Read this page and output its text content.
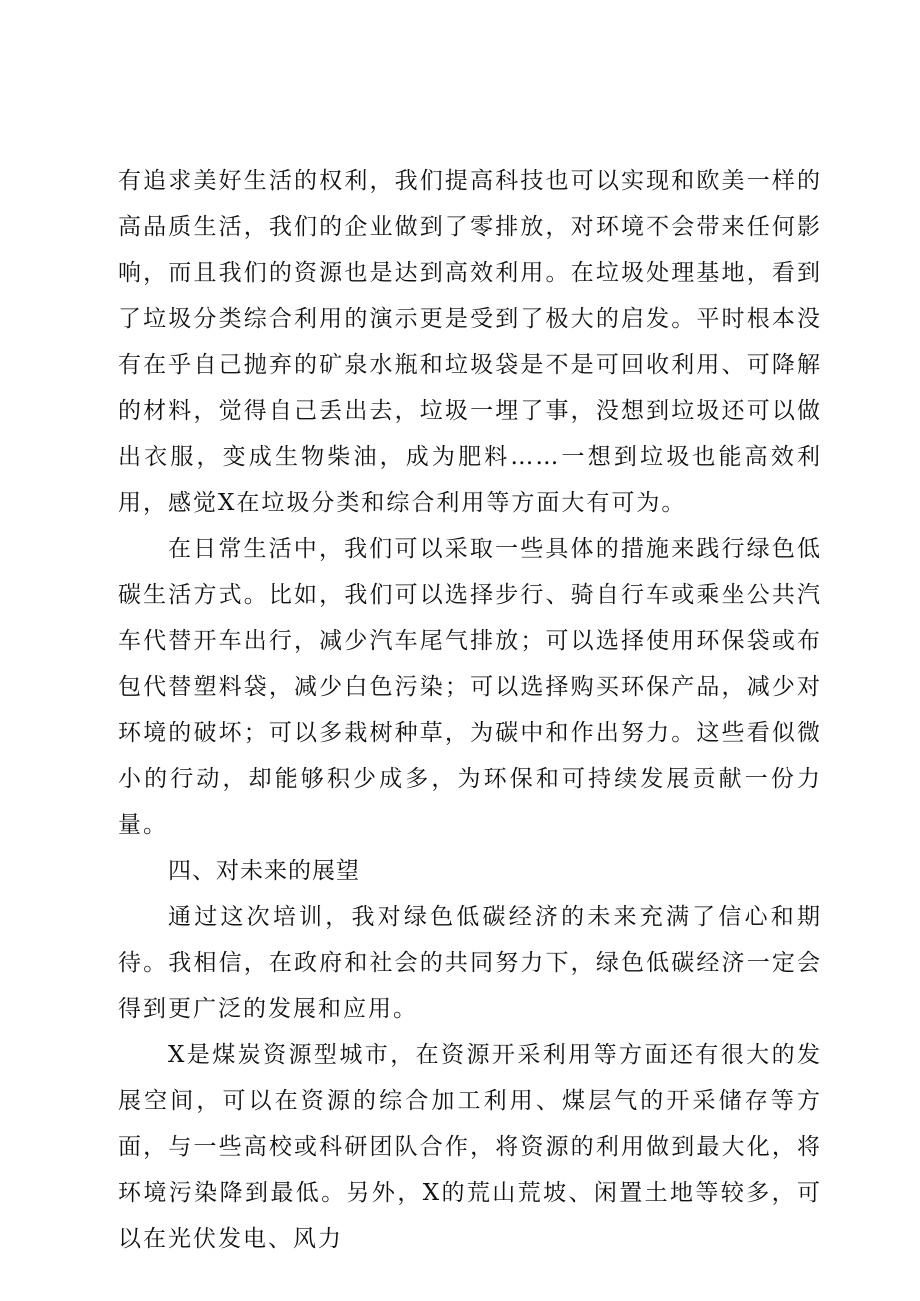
有追求美好生活的权利，我们提高科技也可以实现和欧美一样的高品质生活，我们的企业做到了零排放，对环境不会带来任何影响，而且我们的资源也是达到高效利用。在垃圾处理基地，看到了垃圾分类综合利用的演示更是受到了极大的启发。平时根本没有在乎自己抛弃的矿泉水瓶和垃圾袋是不是可回收利用、可降解的材料，觉得自己丢出去，垃圾一埋了事，没想到垃圾还可以做出衣服，变成生物柴油，成为肥料……一想到垃圾也能高效利用，感觉X在垃圾分类和综合利用等方面大有可为。

在日常生活中，我们可以采取一些具体的措施来践行绿色低碳生活方式。比如，我们可以选择步行、骑自行车或乘坐公共汽车代替开车出行，减少汽车尾气排放；可以选择使用环保袋或布包代替塑料袋，减少白色污染；可以选择购买环保产品，减少对环境的破坏；可以多栽树种草，为碳中和作出努力。这些看似微小的行动，却能够积少成多，为环保和可持续发展贡献一份力量。

四、对未来的展望

通过这次培训，我对绿色低碳经济的未来充满了信心和期待。我相信，在政府和社会的共同努力下，绿色低碳经济一定会得到更广泛的发展和应用。

X是煤炭资源型城市，在资源开采利用等方面还有很大的发展空间，可以在资源的综合加工利用、煤层气的开采储存等方面，与一些高校或科研团队合作，将资源的利用做到最大化，将环境污染降到最低。另外，X的荒山荒坡、闲置土地等较多，可以在光伏发电、风力
